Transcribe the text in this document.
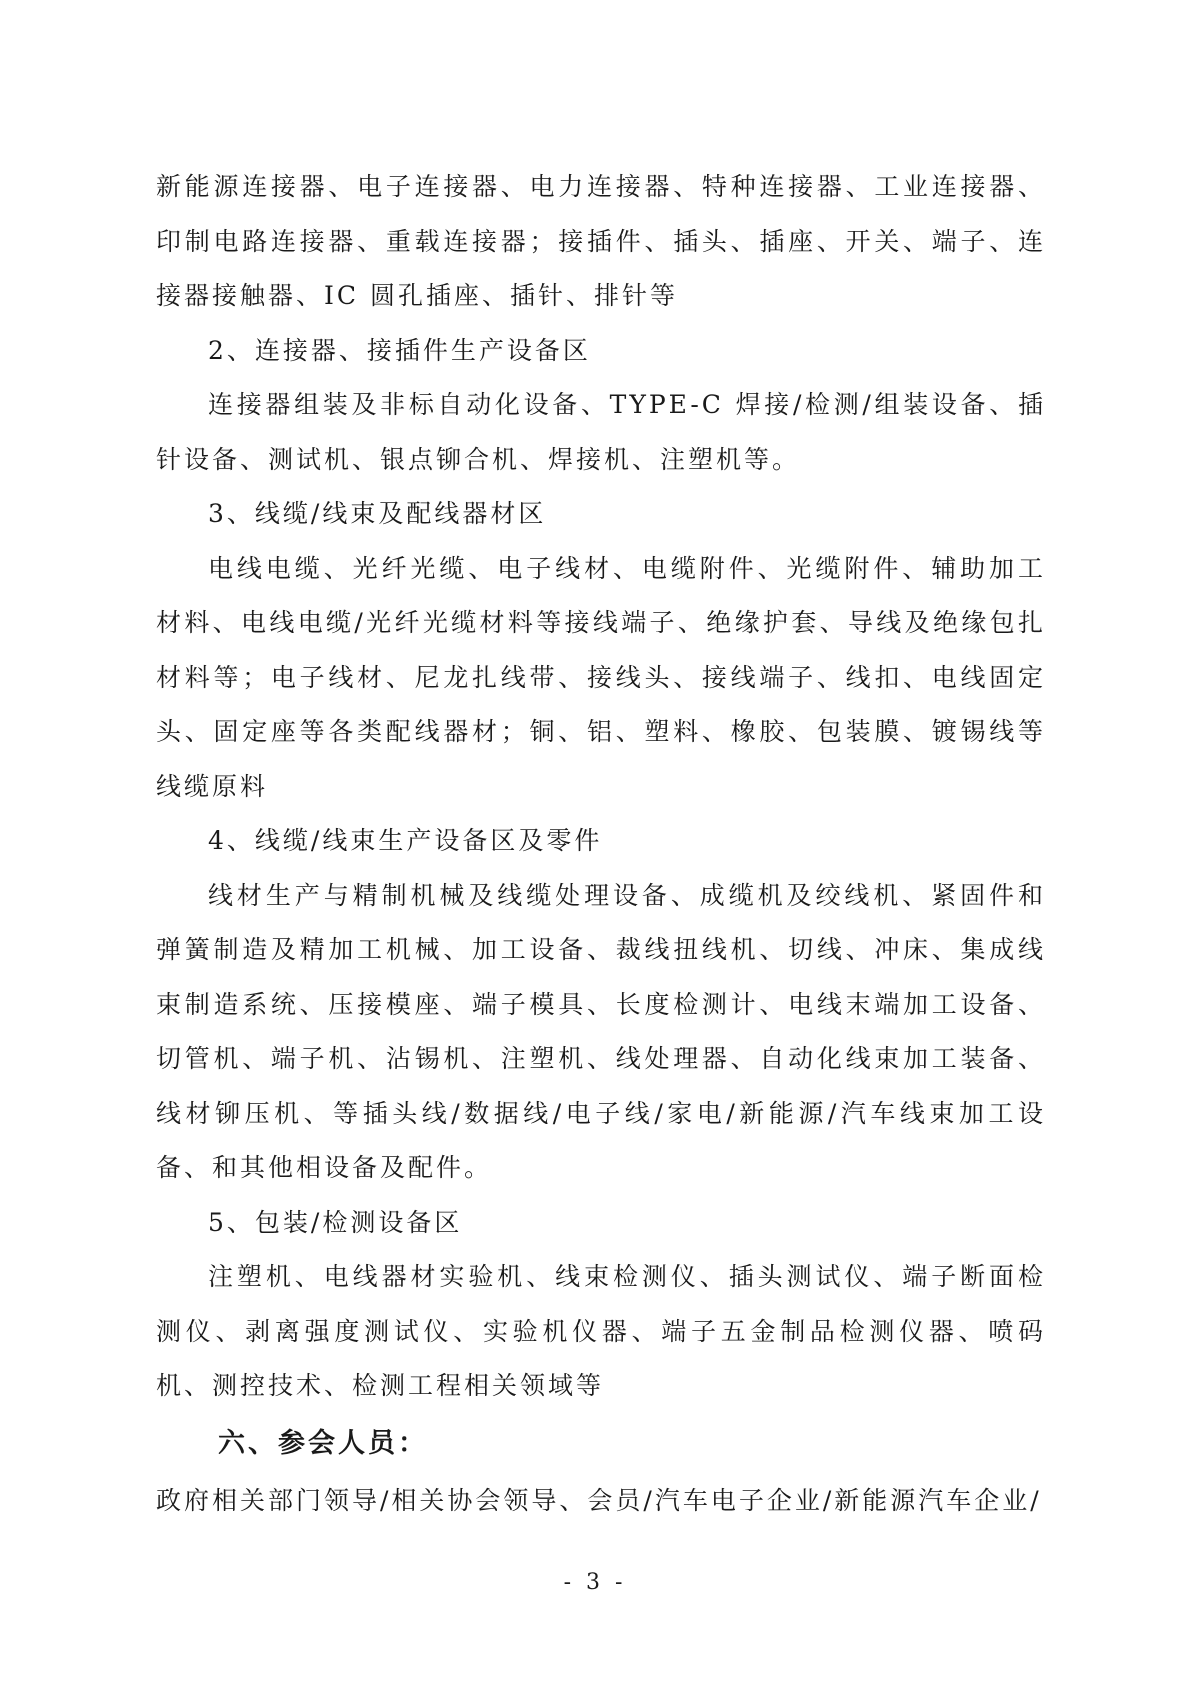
新能源连接器、电子连接器、电力连接器、特种连接器、工业连接器、印制电路连接器、重载连接器；接插件、插头、插座、开关、端子、连接器接触器、IC 圆孔插座、插针、排针等

2、连接器、接插件生产设备区

连接器组装及非标自动化设备、TYPE-C 焊接/检测/组装设备、插针设备、测试机、银点铆合机、焊接机、注塑机等。

3、线缆/线束及配线器材区

电线电缆、光纤光缆、电子线材、电缆附件、光缆附件、辅助加工材料、电线电缆/光纤光缆材料等接线端子、绝缘护套、导线及绝缘包扎材料等；电子线材、尼龙扎线带、接线头、接线端子、线扣、电线固定头、固定座等各类配线器材；铜、铝、塑料、橡胶、包装膜、镀锡线等线缆原料

4、线缆/线束生产设备区及零件

线材生产与精制机械及线缆处理设备、成缆机及绞线机、紧固件和弹簧制造及精加工机械、加工设备、裁线扭线机、切线、冲床、集成线束制造系统、压接模座、端子模具、长度检测计、电线末端加工设备、切管机、端子机、沾锡机、注塑机、线处理器、自动化线束加工装备、线材铆压机、等插头线/数据线/电子线/家电/新能源/汽车线束加工设备、和其他相设备及配件。

5、包装/检测设备区

注塑机、电线器材实验机、线束检测仪、插头测试仪、端子断面检测仪、剥离强度测试仪、实验机仪器、端子五金制品检测仪器、喷码机、测控技术、检测工程相关领域等

六、参会人员：

政府相关部门领导/相关协会领导、会员/汽车电子企业/新能源汽车企业/

- 3 -
